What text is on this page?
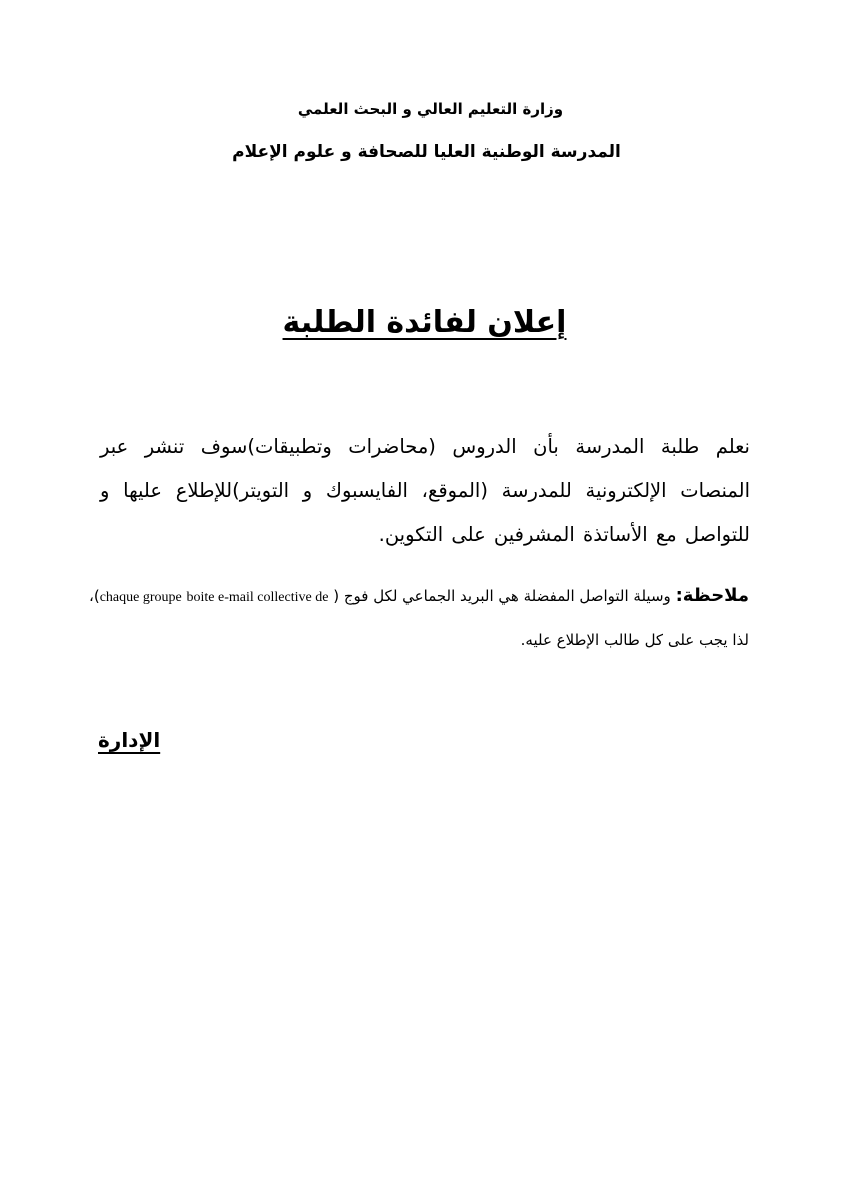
وزارة التعليم العالي و البحث العلمي
المدرسة الوطنية العليا للصحافة و علوم الإعلام
إعلان لفائدة الطلبة
نعلم طلبة المدرسة بأن الدروس (محاضرات وتطبيقات)سوف تنشر عبر المنصات الإلكترونية للمدرسة (الموقع، الفايسبوك و التويتر)للإطلاع عليها و للتواصل مع الأساتذة المشرفين على التكوين.
ملاحظة: وسيلة التواصل المفضلة هي البريد الجماعي لكل فوج ( boite e-mail collective de chaque groupe)، لذا يجب على كل طالب الإطلاع عليه.
الإدارة
